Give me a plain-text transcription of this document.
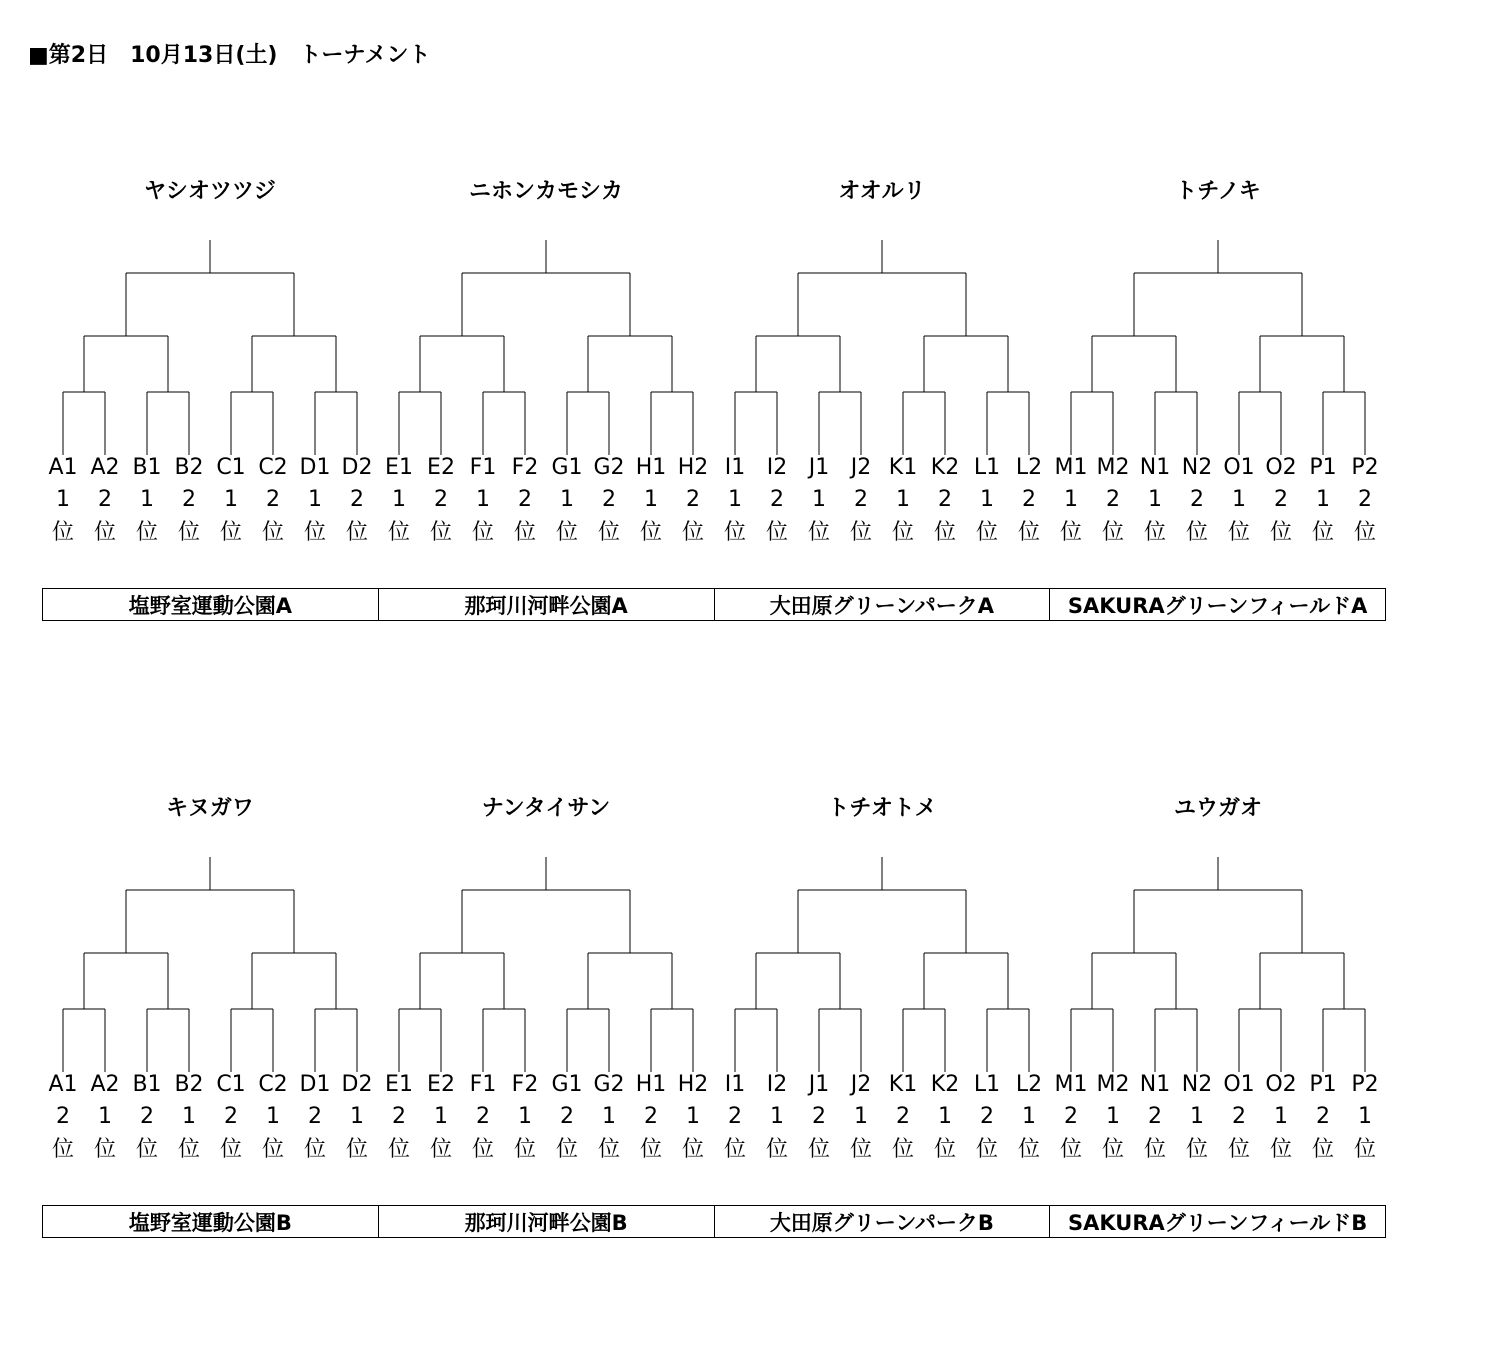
■第2日　10月13日(土)　トーナメント
ヤシオツツジ
A1
1
位
A2
2
位
B1
1
位
B2
2
位
C1
1
位
C2
2
位
D1
1
位
D2
2
位
ニホンカモシカ
E1
1
位
E2
2
位
F1
1
位
F2
2
位
G1
1
位
G2
2
位
H1
1
位
H2
2
位
オオルリ
I1
1
位
I2
2
位
J1
1
位
J2
2
位
K1
1
位
K2
2
位
L1
1
位
L2
2
位
トチノキ
M1
1
位
M2
2
位
N1
1
位
N2
2
位
O1
1
位
O2
2
位
P1
1
位
P2
2
位
キヌガワ
A1
2
位
A2
1
位
B1
2
位
B2
1
位
C1
2
位
C2
1
位
D1
2
位
D2
1
位
ナンタイサン
E1
2
位
E2
1
位
F1
2
位
F2
1
位
G1
2
位
G2
1
位
H1
2
位
H2
1
位
トチオトメ
I1
2
位
I2
1
位
J1
2
位
J2
1
位
K1
2
位
K2
1
位
L1
2
位
L2
1
位
ユウガオ
M1
2
位
M2
1
位
N1
2
位
N2
1
位
O1
2
位
O2
1
位
P1
2
位
P2
1
位
塩野室運動公園A	那珂川河畔公園A	大田原グリーンパークA	SAKURAグリーンフィールドA
塩野室運動公園B	那珂川河畔公園B	大田原グリーンパークB	SAKURAグリーンフィールドB
